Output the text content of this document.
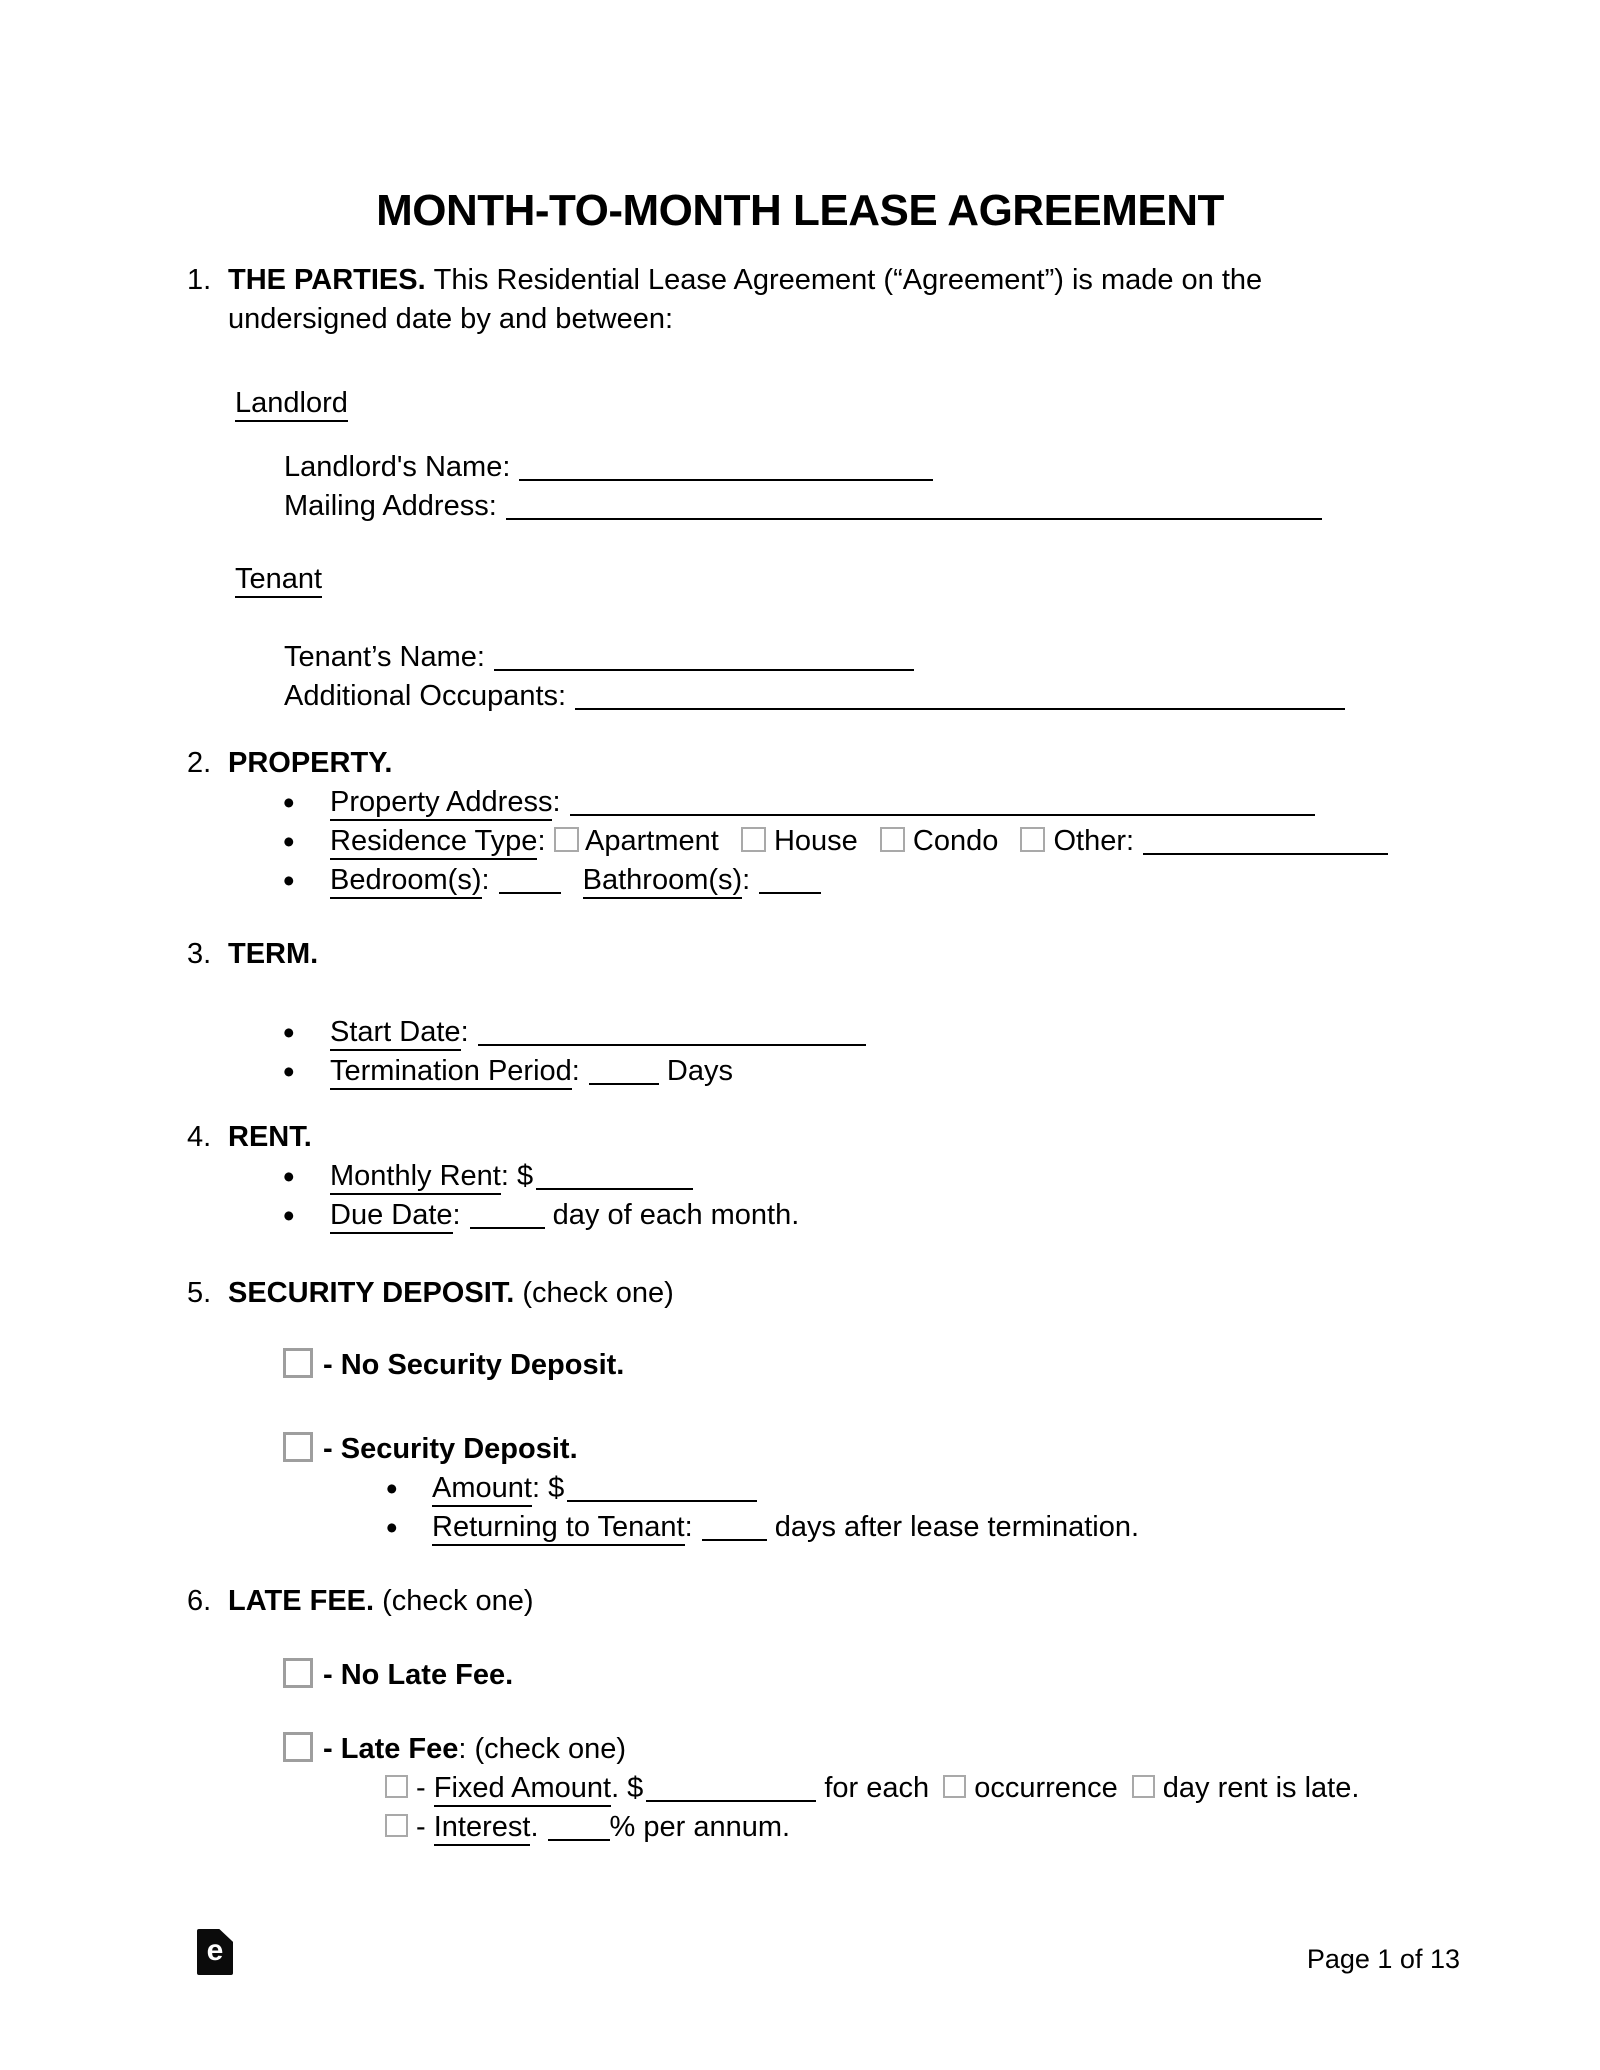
MONTH-TO-MONTH LEASE AGREEMENT
1. THE PARTIES. This Residential Lease Agreement (“Agreement”) is made on the
undersigned date by and between:
Landlord
Landlord's Name:
Mailing Address:
Tenant
Tenant’s Name:
Additional Occupants:
2. PROPERTY.
• Property Address:
• Residence Type: Apartment House Condo Other:
• Bedroom(s):	Bathroom(s):
3. TERM.
• Start Date:
• Termination Period:	Days
4. RENT.
• Monthly Rent: $
• Due Date:	day of each month.
5. SECURITY DEPOSIT. (check one)
- No Security Deposit.
- Security Deposit.
• Amount: $
• Returning to Tenant:	days after lease termination.
6. LATE FEE. (check one)
- No Late Fee.
- Late Fee: (check one)
- Fixed Amount. $	for each occurrence day rent is late.
- Interest. % per annum.
e	Page 1 of 13
